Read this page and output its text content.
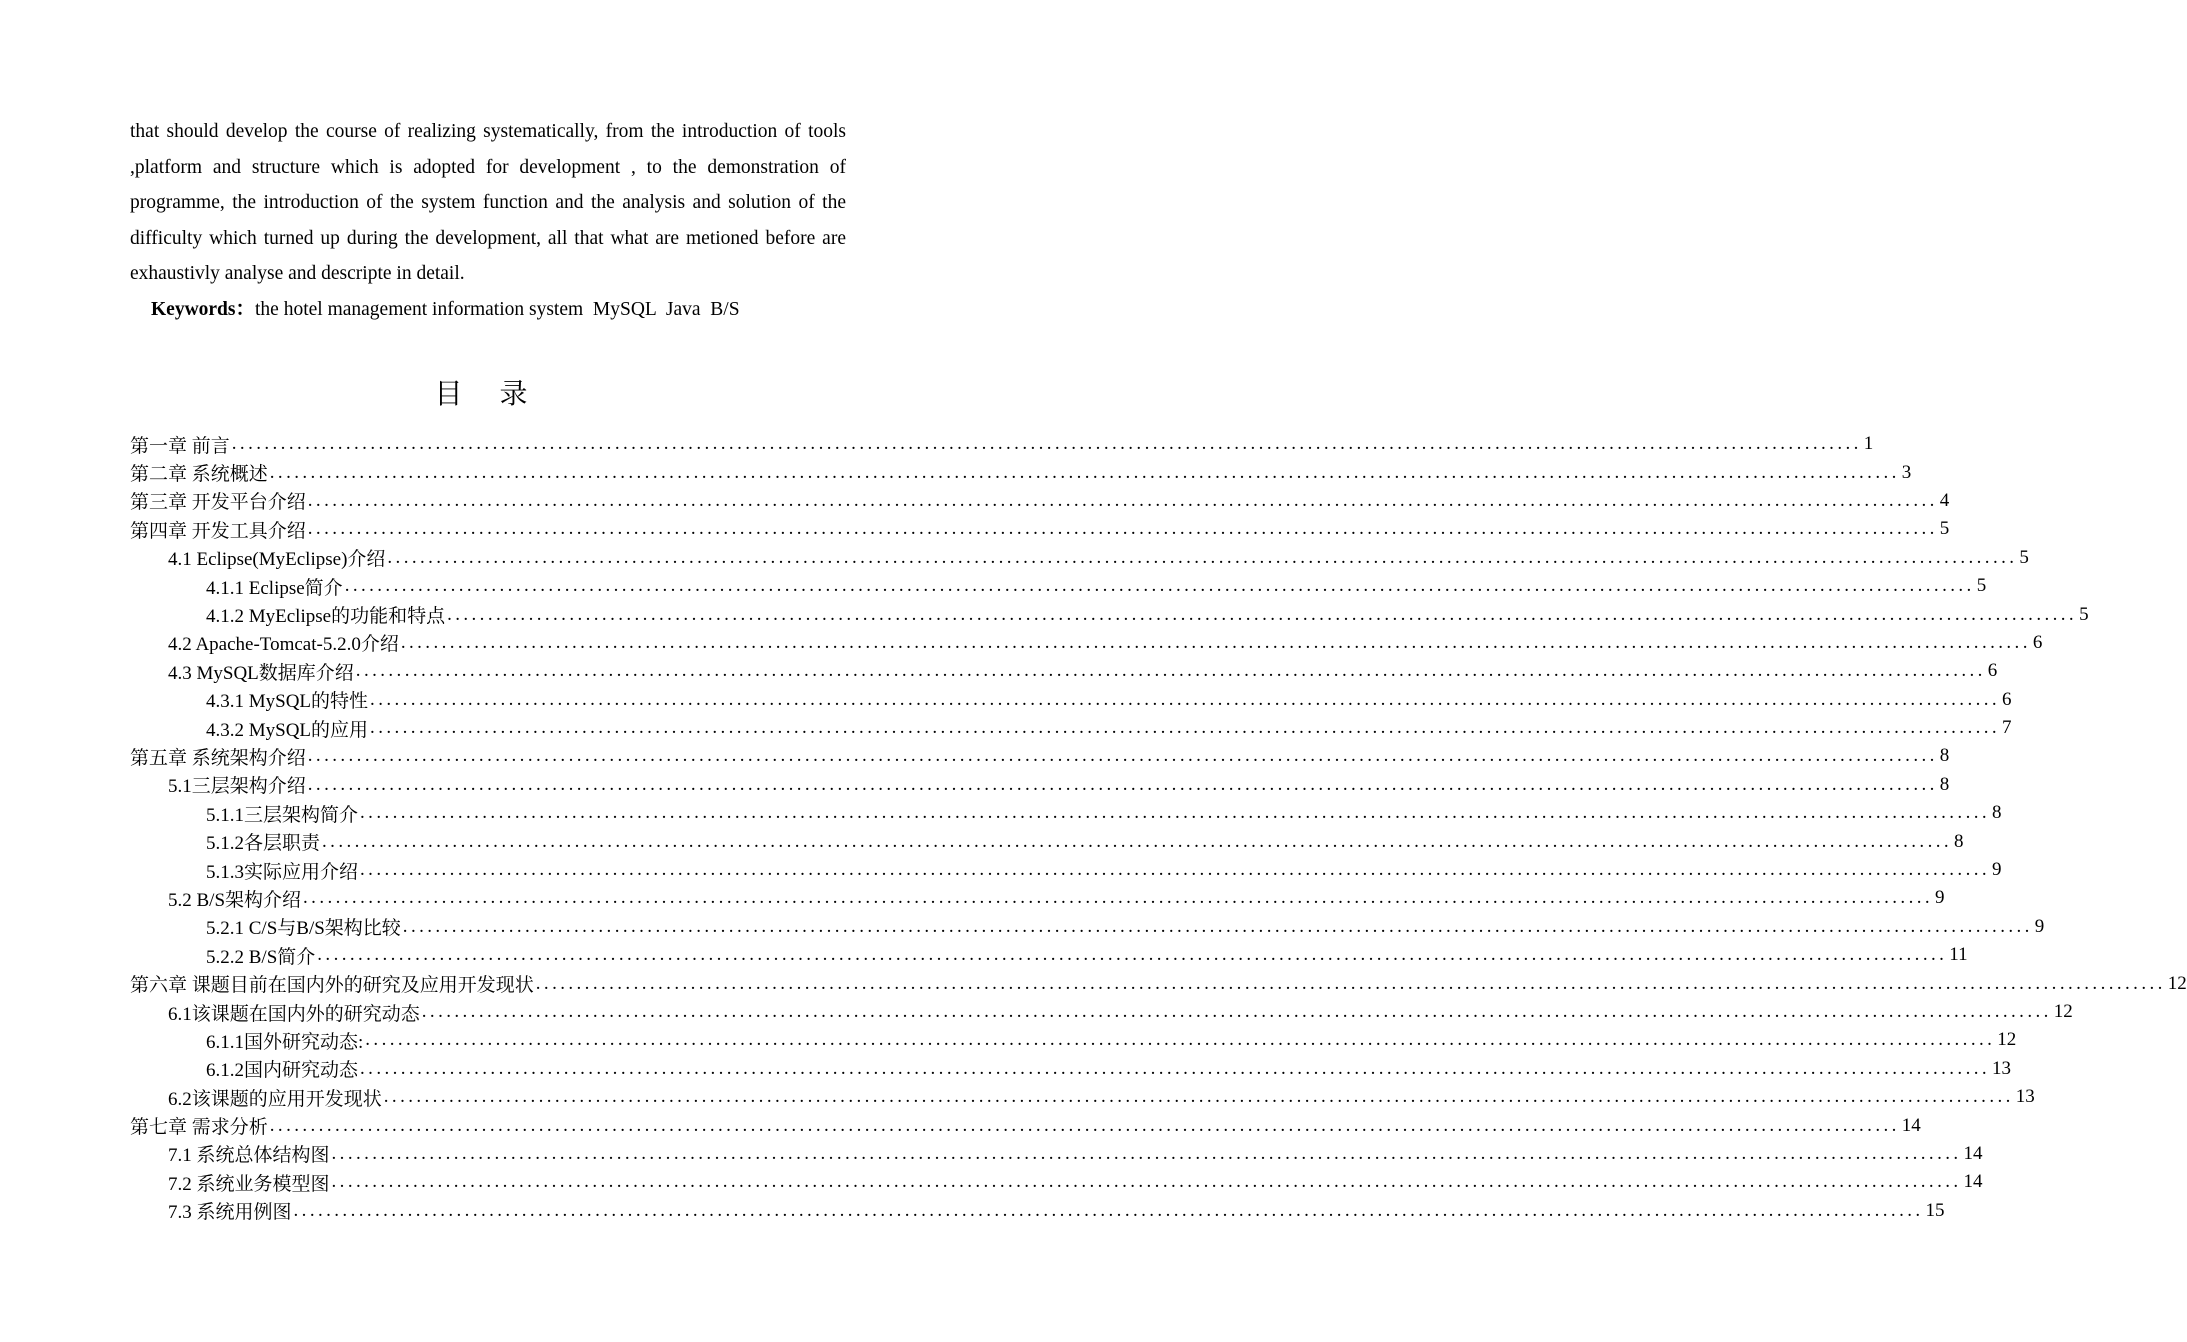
that should develop the course of realizing systematically, from the introduction of tools ,platform and structure which is adopted for development , to the demonstration of programme, the introduction of the system function and the analysis and solution of the difficulty which turned up during the development, all that what are metioned before are exhaustivly analyse and descripte in detail.

Keywords：the hotel management information system  MySQL  Java  B/S
目 录
第一章 前言 ........................................................................................................................................................................................................ 1
第二章 系统概述 ........................................................................................................................................................................................................ 3
第三章 开发平台介绍 ........................................................................................................................................................................................................ 4
第四章 开发工具介绍 ........................................................................................................................................................................................................ 5
4.1 Eclipse(MyEclipse)介绍 ........................................................................................................................................................................................................ 5
4.1.1 Eclipse简介 ........................................................................................................................................................................................................ 5
4.1.2 MyEclipse的功能和特点 ........................................................................................................................................................................................................ 5
4.2 Apache-Tomcat-5.2.0介绍 ........................................................................................................................................................................................................ 6
4.3 MySQL数据库介绍 ........................................................................................................................................................................................................ 6
4.3.1 MySQL的特性 ........................................................................................................................................................................................................ 6
4.3.2 MySQL的应用 ........................................................................................................................................................................................................ 7
第五章 系统架构介绍 ........................................................................................................................................................................................................ 8
5.1三层架构介绍 ........................................................................................................................................................................................................ 8
5.1.1三层架构简介 ........................................................................................................................................................................................................ 8
5.1.2各层职责 ........................................................................................................................................................................................................ 8
5.1.3实际应用介绍 ........................................................................................................................................................................................................ 9
5.2 B/S架构介绍 ........................................................................................................................................................................................................ 9
5.2.1 C/S与B/S架构比较 ........................................................................................................................................................................................................ 9
5.2.2 B/S简介 ........................................................................................................................................................................................................ 11
第六章 课题目前在国内外的研究及应用开发现状 ........................................................................................................................................................................................................ 12
6.1该课题在国内外的研究动态 ........................................................................................................................................................................................................ 12
6.1.1国外研究动态: ........................................................................................................................................................................................................ 12
6.1.2国内研究动态 ........................................................................................................................................................................................................ 13
6.2该课题的应用开发现状 ........................................................................................................................................................................................................ 13
第七章 需求分析 ........................................................................................................................................................................................................ 14
7.1 系统总体结构图 ........................................................................................................................................................................................................ 14
7.2 系统业务模型图 ........................................................................................................................................................................................................ 14
7.3 系统用例图 ........................................................................................................................................................................................................ 15
